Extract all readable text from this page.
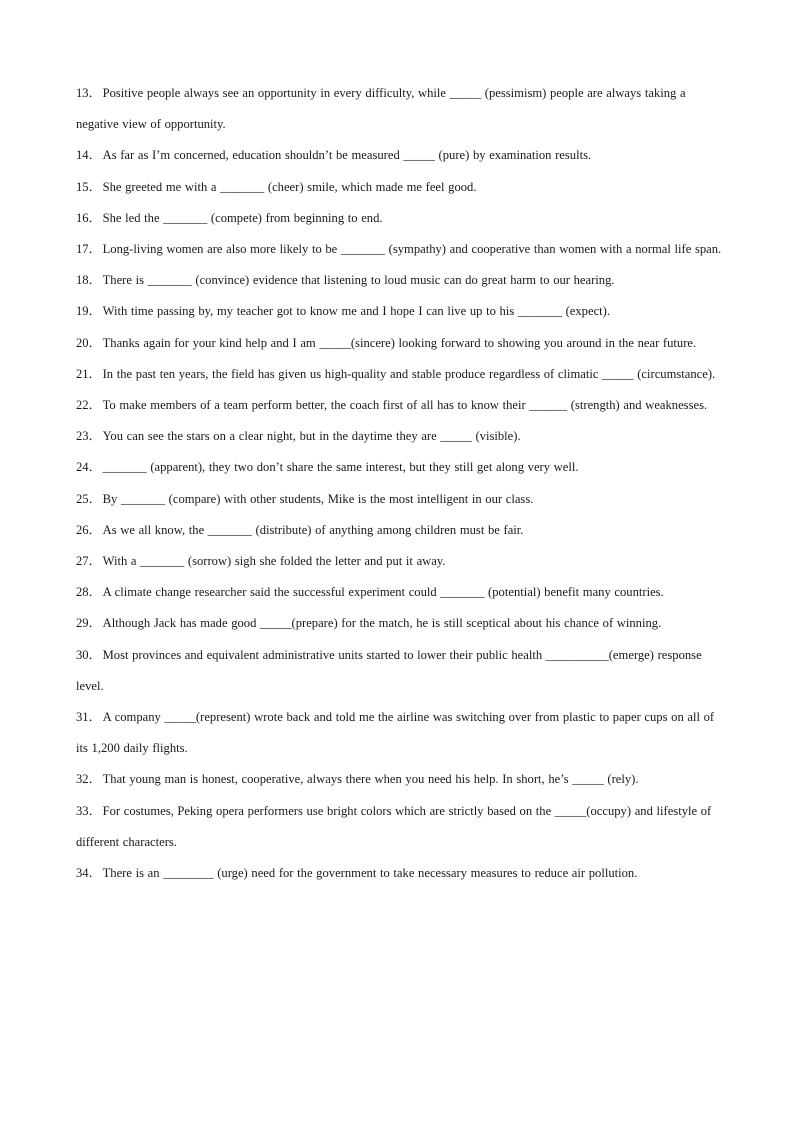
13．Positive people always see an opportunity in every difficulty, while _____ (pessimism) people are always taking a negative view of opportunity.

14．As far as I’m concerned, education shouldn’t be measured _____ (pure) by examination results.

15．She greeted me with a _______ (cheer) smile, which made me feel good.

16．She led the _______ (compete) from beginning to end.

17．Long-living women are also more likely to be _______ (sympathy) and cooperative than women with a normal life span.

18．There is _______ (convince) evidence that listening to loud music can do great harm to our hearing.

19．With time passing by, my teacher got to know me and I hope I can live up to his _______ (expect).

20．Thanks again for your kind help and I am _____(sincere) looking forward to showing you around in the near future.

21．In the past ten years, the field has given us high-quality and stable produce regardless of climatic _____ (circumstance).

22．To make members of a team perform better, the coach first of all has to know their ______ (strength) and weaknesses.

23．You can see the stars on a clear night, but in the daytime they are _____ (visible).

24．_______ (apparent), they two don’t share the same interest, but they still get along very well.

25．By _______ (compare) with other students, Mike is the most intelligent in our class.

26．As we all know, the _______ (distribute) of anything among children must be fair.

27．With a _______ (sorrow) sigh she folded the letter and put it away.

28．A climate change researcher said the successful experiment could _______ (potential) benefit many countries.

29．Although Jack has made good _____(prepare) for the match, he is still sceptical about his chance of winning.

30．Most provinces and equivalent administrative units started to lower their public health __________(emerge) response level.

31．A company _____(represent) wrote back and told me the airline was switching over from plastic to paper cups on all of its 1,200 daily flights.

32．That young man is honest, cooperative, always there when you need his help. In short, he’s _____ (rely).

33．For costumes, Peking opera performers use bright colors which are strictly based on the _____(occupy) and lifestyle of different characters.

34．There is an ________ (urge) need for the government to take necessary measures to reduce air pollution.
